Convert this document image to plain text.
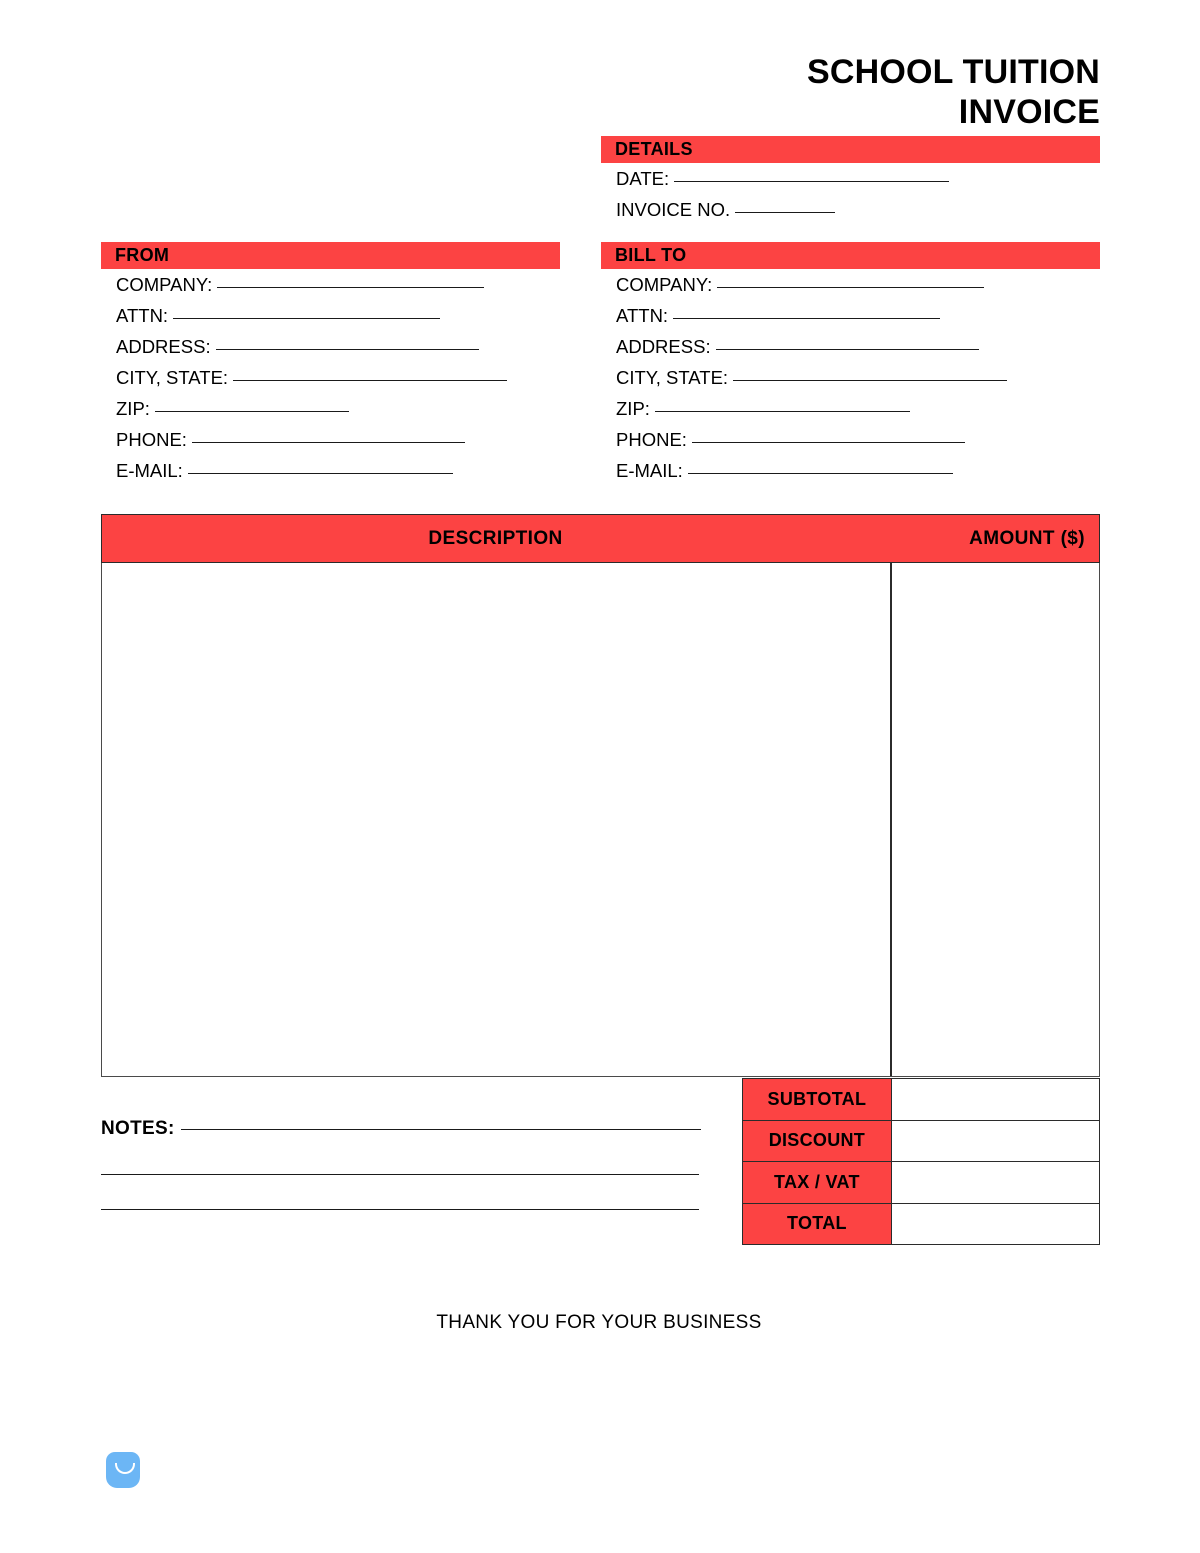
SCHOOL TUITION
INVOICE
DETAILS
DATE:
INVOICE NO.
FROM
COMPANY:
ATTN:
ADDRESS:
CITY, STATE:
ZIP:
PHONE:
E-MAIL:
BILL TO
COMPANY:
ATTN:
ADDRESS:
CITY, STATE:
ZIP:
PHONE:
E-MAIL:
DESCRIPTION	AMOUNT ($)
SUBTOTAL	
DISCOUNT	
TAX / VAT	
TOTAL	
NOTES:
THANK YOU FOR YOUR BUSINESS
